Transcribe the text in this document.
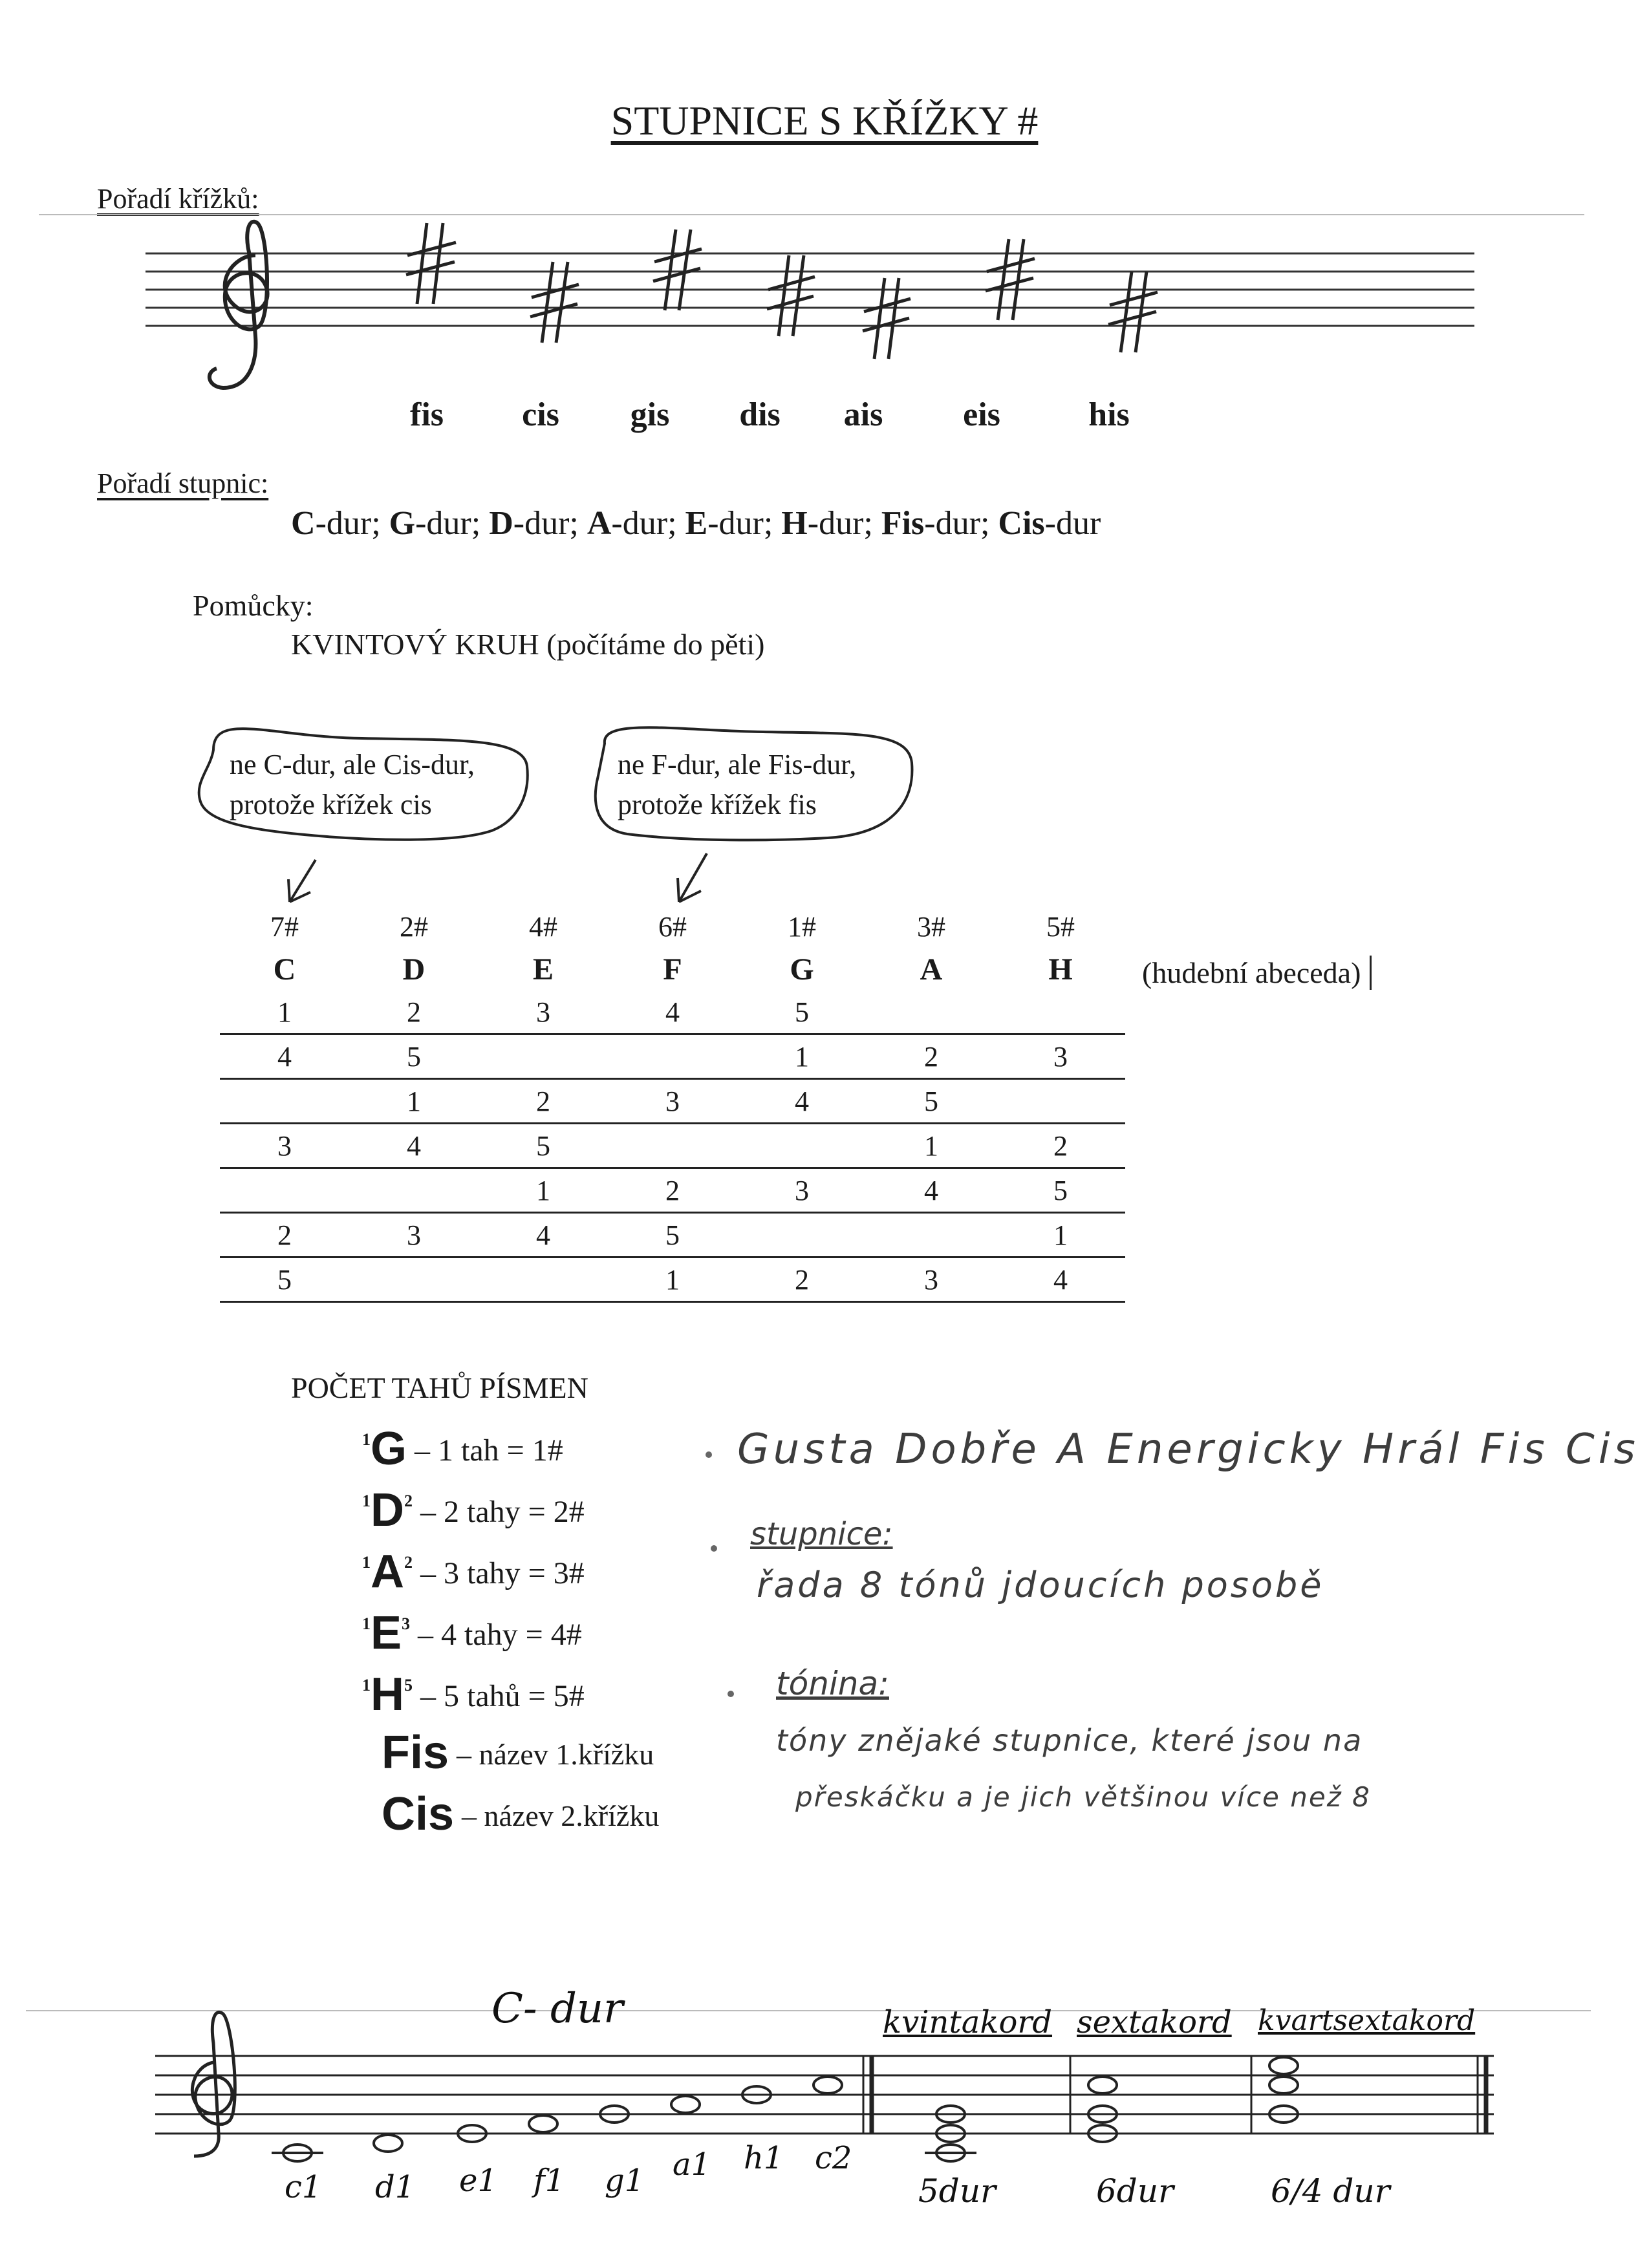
STUPNICE S KŘÍŽKY #
Pořadí křížků:
fis	cis	gis	dis	ais	eis	his
Pořadí stupnic:
C-dur; G-dur; D-dur; A-dur; E-dur; H-dur; Fis-dur; Cis-dur
Pomůcky:
KVINTOVÝ KRUH (počítáme do pěti)
ne C-dur, ale Cis-dur,
protože křížek cis
ne F-dur, ale Fis-dur,
protože křížek fis
7#	2#	4#	6#	1#	3#	5#
C	D	E	F	G	A	H
1	2	3	4	5		
4	5			1	2	3
	1	2	3	4	5	
3	4	5			1	2
		1	2	3	4	5
2	3	4	5			1
5			1	2	3	4
(hudební abeceda)
POČET TAHŮ PÍSMEN
$^1$G – 1 tah = 1#
$^1D^2 - 2$ tahy = 2#
$^1A^2 - 3$ tahy = 3#
$^1E^3 - 4$ tahy = 4#
$^1H^5 - 5$ tahů = 5#
Fis – název 1.křížku
Cis – název 2.křížku
Gusta Dobře A Energicky Hrál Fis Cis
stupnice:
řada 8 tónů jdoucích posobě
tónina:
tóny znějaké stupnice, které jsou na
přeskáčku a je jich většinou více než 8
C- dur	kvintakord sextakord kvartsextakord
c1 d1 e1 f1 g1 a1 h1 c2
5dur	6dur	6/4 dur
